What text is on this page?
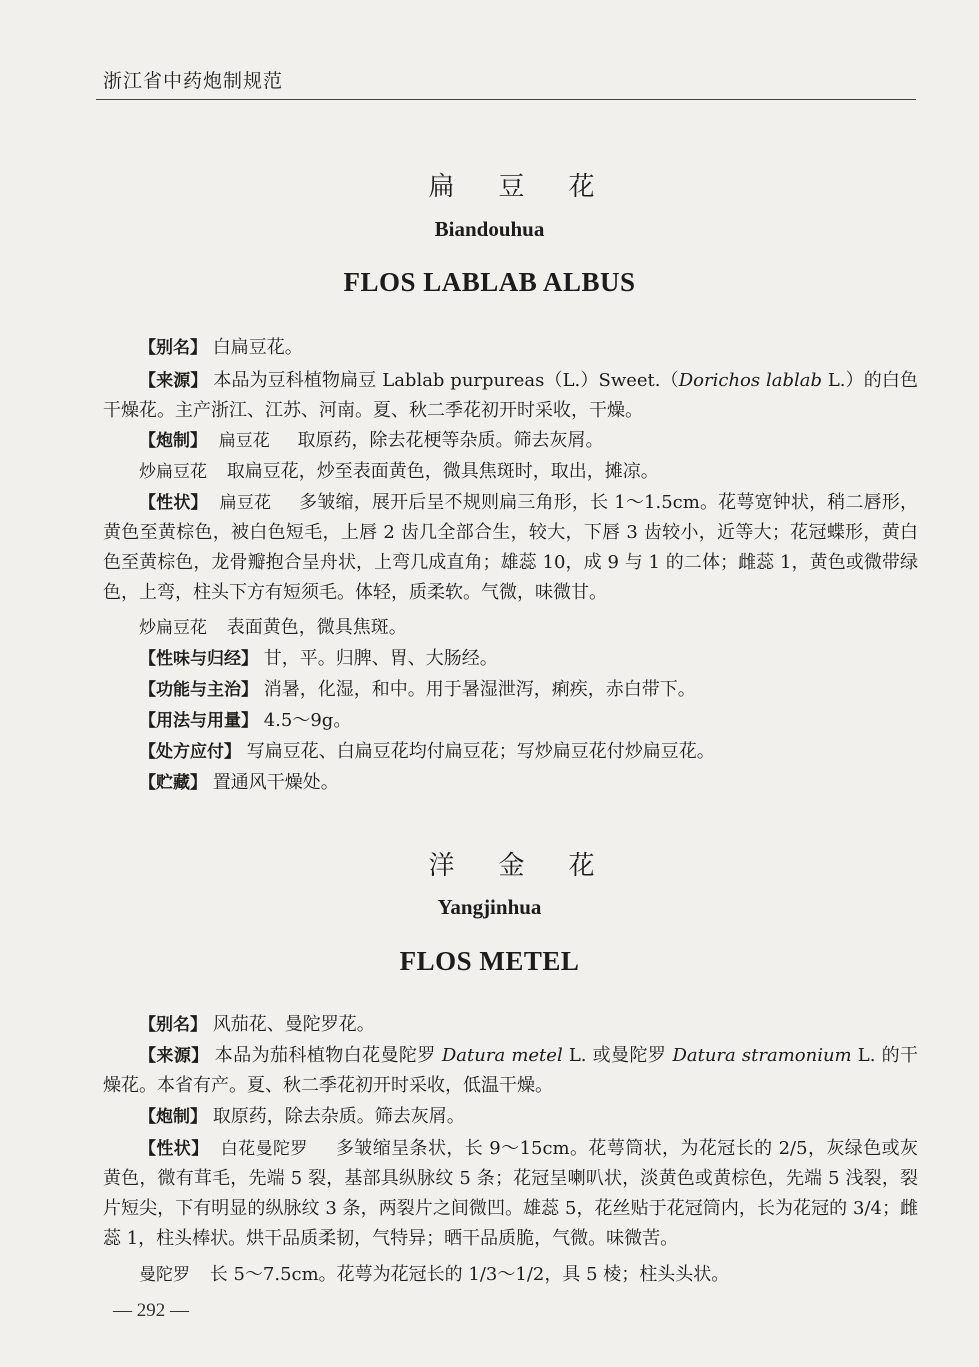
浙江省中药炮制规范
扁豆花
Biandouhua
FLOS LABLAB ALBUS
【别名】 白扁豆花。
【来源】 本品为豆科植物扁豆 Lablab purpureas（L.）Sweet.（Dorichos lablab L.）的白色干燥花。主产浙江、江苏、河南。夏、秋二季花初开时采收，干燥。
【炮制】 扁豆花 取原药，除去花梗等杂质。筛去灰屑。
炒扁豆花 取扁豆花，炒至表面黄色，微具焦斑时，取出，摊凉。
【性状】 扁豆花 多皱缩，展开后呈不规则扁三角形，长 1～1.5cm。花萼宽钟状，稍二唇形，黄色至黄棕色，被白色短毛，上唇 2 齿几全部合生，较大，下唇 3 齿较小，近等大；花冠蝶形，黄白色至黄棕色，龙骨瓣抱合呈舟状，上弯几成直角；雄蕊 10，成 9 与 1 的二体；雌蕊 1，黄色或微带绿色，上弯，柱头下方有短须毛。体轻，质柔软。气微，味微甘。
炒扁豆花 表面黄色，微具焦斑。
【性味与归经】 甘，平。归脾、胃、大肠经。
【功能与主治】 消暑，化湿，和中。用于暑湿泄泻，痢疾，赤白带下。
【用法与用量】 4.5～9g。
【处方应付】 写扁豆花、白扁豆花均付扁豆花；写炒扁豆花付炒扁豆花。
【贮藏】 置通风干燥处。
洋金花
Yangjinhua
FLOS METEL
【别名】 风茄花、曼陀罗花。
【来源】 本品为茄科植物白花曼陀罗 Datura metel L. 或曼陀罗 Datura stramonium L. 的干燥花。本省有产。夏、秋二季花初开时采收，低温干燥。
【炮制】 取原药，除去杂质。筛去灰屑。
【性状】 白花曼陀罗 多皱缩呈条状，长 9～15cm。花萼筒状，为花冠长的 2/5，灰绿色或灰黄色，微有茸毛，先端 5 裂，基部具纵脉纹 5 条；花冠呈喇叭状，淡黄色或黄棕色，先端 5 浅裂，裂片短尖，下有明显的纵脉纹 3 条，两裂片之间微凹。雄蕊 5，花丝贴于花冠筒内，长为花冠的 3/4；雌蕊 1，柱头棒状。烘干品质柔韧，气特异；晒干品质脆，气微。味微苦。
曼陀罗 长 5～7.5cm。花萼为花冠长的 1/3～1/2，具 5 棱；柱头头状。
— 292 —
